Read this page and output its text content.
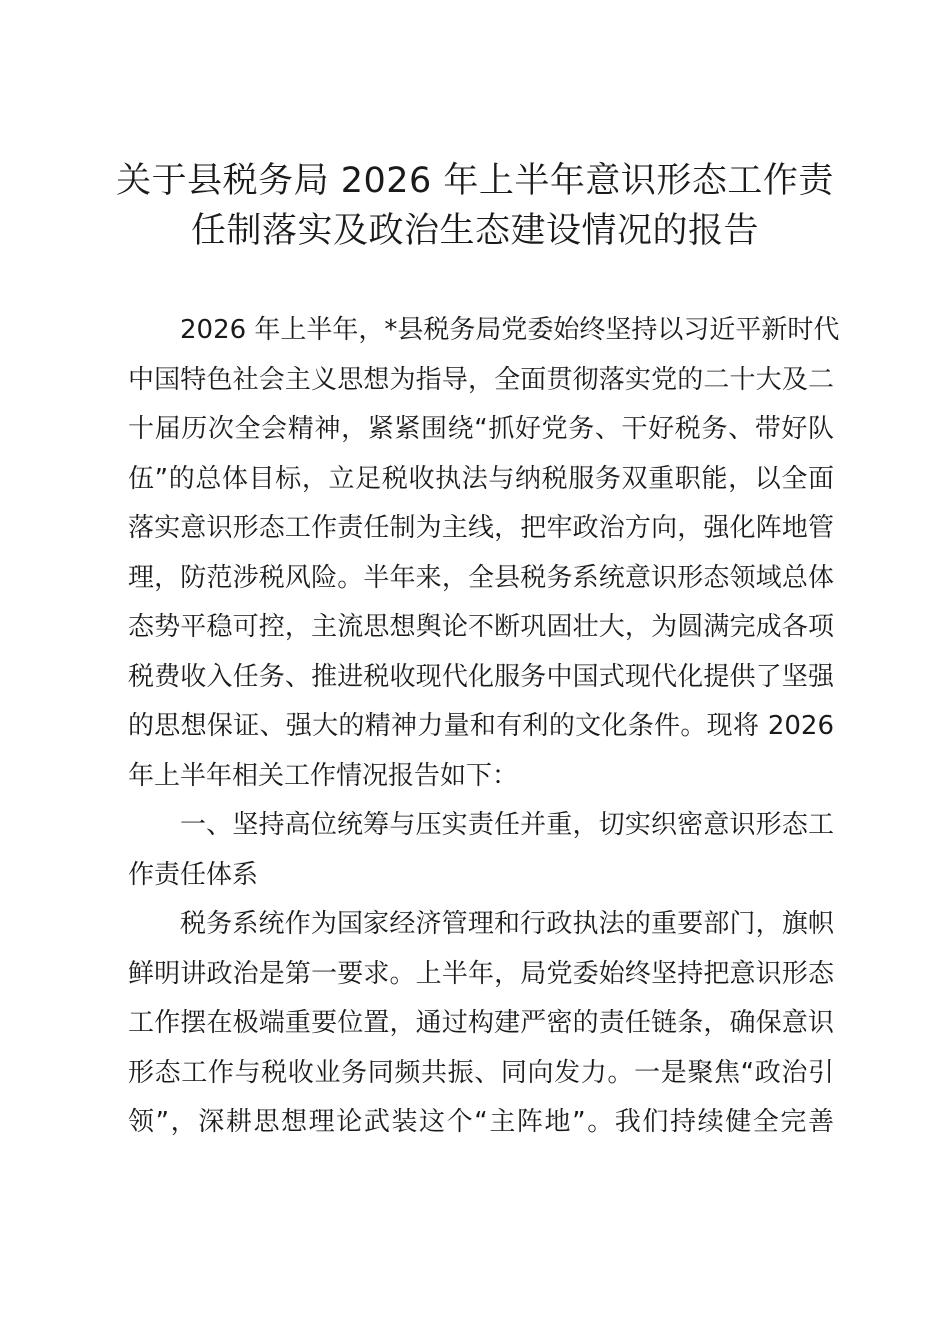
关于县税务局 2026 年上半年意识形态工作责
任制落实及政治生态建设情况的报告
2026 年上半年，*县税务局党委始终坚持以习近平新时代
中国特色社会主义思想为指导，全面贯彻落实党的二十大及二
十届历次全会精神，紧紧围绕“抓好党务、干好税务、带好队
伍”的总体目标，立足税收执法与纳税服务双重职能，以全面
落实意识形态工作责任制为主线，把牢政治方向，强化阵地管
理，防范涉税风险。半年来，全县税务系统意识形态领域总体
态势平稳可控，主流思想舆论不断巩固壮大，为圆满完成各项
税费收入任务、推进税收现代化服务中国式现代化提供了坚强
的思想保证、强大的精神力量和有利的文化条件。现将 2026
年上半年相关工作情况报告如下：
一、坚持高位统筹与压实责任并重，切实织密意识形态工
作责任体系
税务系统作为国家经济管理和行政执法的重要部门，旗帜
鲜明讲政治是第一要求。上半年，局党委始终坚持把意识形态
工作摆在极端重要位置，通过构建严密的责任链条，确保意识
形态工作与税收业务同频共振、同向发力。一是聚焦“政治引
领”，深耕思想理论武装这个“主阵地”。我们持续健全完善
